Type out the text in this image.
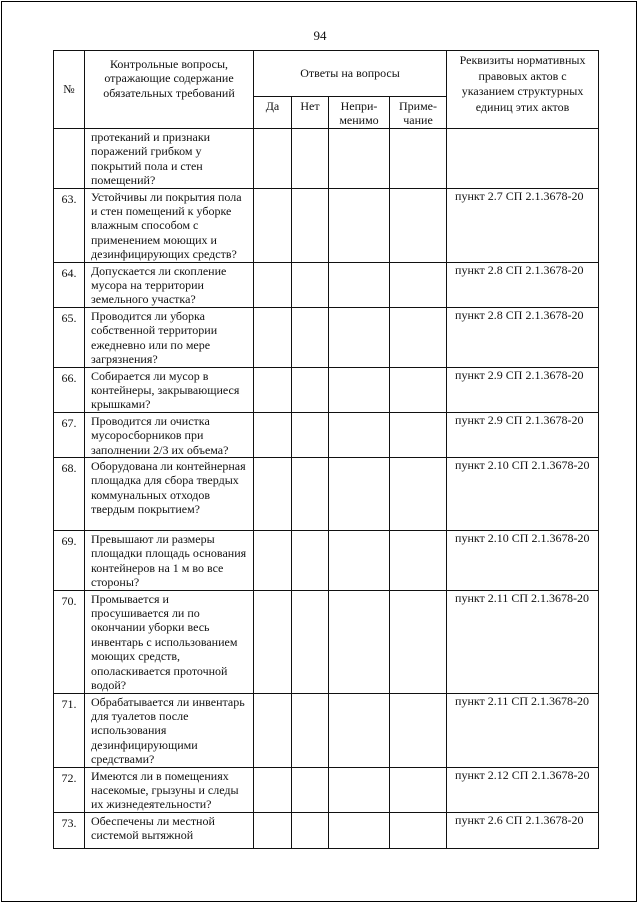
94
№	Контрольные вопросы, отражающие содержание обязательных требований	Ответы на вопросы				Реквизиты нормативных правовых актов с указанием структурных единиц этих актов
		Да	Нет	Непри-менимо	Приме-чание	
	протеканий и признаки поражений грибком у покрытий пола и стен помещений?					
63.	Устойчивы ли покрытия пола и стен помещений к уборке влажным способом с применением моющих и дезинфицирующих средств?					пункт 2.7 СП 2.1.3678-20
64.	Допускается ли скопление мусора на территории земельного участка?					пункт 2.8 СП 2.1.3678-20
65.	Проводится ли уборка собственной территории ежедневно или по мере загрязнения?					пункт 2.8 СП 2.1.3678-20
66.	Собирается ли мусор в контейнеры, закрывающиеся крышками?					пункт 2.9 СП 2.1.3678-20
67.	Проводится ли очистка мусоросборников при заполнении 2/3 их объема?					пункт 2.9 СП 2.1.3678-20
68.	Оборудована ли контейнерная площадка для сбора твердых коммунальных отходов твердым покрытием?					пункт 2.10 СП 2.1.3678-20
69.	Превышают ли размеры площадки площадь основания контейнеров на 1 м во все стороны?					пункт 2.10 СП 2.1.3678-20
70.	Промывается и просушивается ли по окончании уборки весь инвентарь с использованием моющих средств, ополаскивается проточной водой?					пункт 2.11 СП 2.1.3678-20
71.	Обрабатывается ли инвентарь для туалетов после использования дезинфицирующими средствами?					пункт 2.11 СП 2.1.3678-20
72.	Имеются ли в помещениях насекомые, грызуны и следы их жизнедеятельности?					пункт 2.12 СП 2.1.3678-20
73.	Обеспечены ли местной системой вытяжной					пункт 2.6 СП 2.1.3678-20
